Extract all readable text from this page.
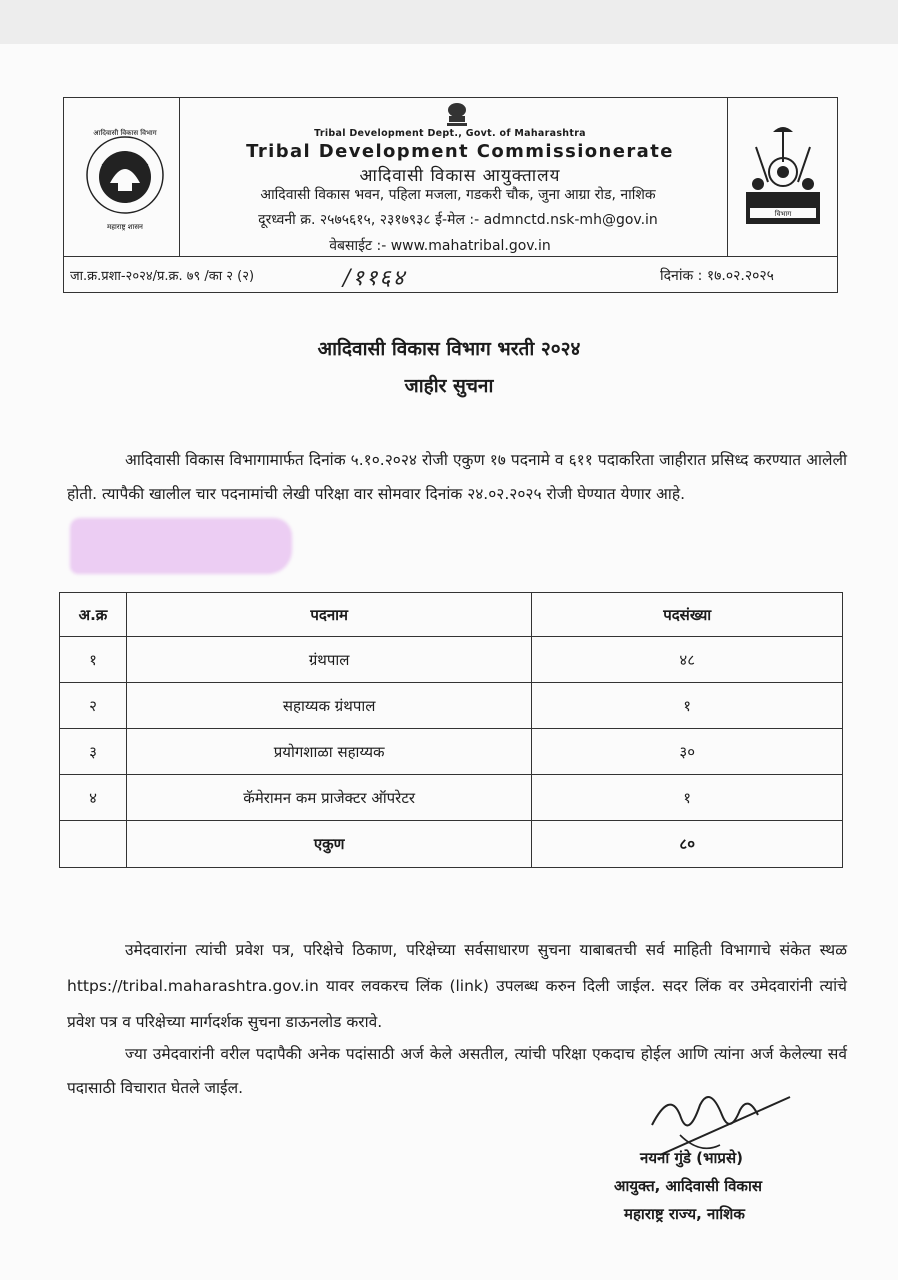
आदिवासी विकास विभाग
महाराष्ट्र शासन
विभाग
Tribal Development Dept., Govt. of Maharashtra
Tribal Development Commissionerate
आदिवासी विकास आयुक्तालय
आदिवासी विकास भवन, पहिला मजला, गडकरी चौक, जुना आग्रा रोड, नाशिक
दूरध्वनी क्र. २५७५६१५, २३१७९३८ ई-मेल :- admnctd.nsk-mh@gov.in
वेबसाईट :- www.mahatribal.gov.in
जा.क्र.प्रशा-२०२४/प्र.क्र. ७९ /का २ (२)	/११६४	दिनांक : १७.०२.२०२५
आदिवासी विकास विभाग भरती २०२४
जाहीर सुचना
आदिवासी विकास विभागामार्फत दिनांक ५.१०.२०२४ रोजी एकुण १७ पदनामे व ६११ पदाकरिता जाहीरात प्रसिध्द करण्यात आलेली होती. त्यापैकी खालील चार पदनामांची लेखी परिक्षा वार सोमवार दिनांक २४.०२.२०२५ रोजी घेण्यात येणार आहे.
अ.क्र	पदनाम	पदसंख्या
१	ग्रंथपाल	४८
२	सहाय्यक ग्रंथपाल	१
३	प्रयोगशाळा सहाय्यक	३०
४	कॅमेरामन कम प्राजेक्टर ऑपरेटर	१
	एकुण	८०
उमेदवारांना त्यांची प्रवेश पत्र, परिक्षेचे ठिकाण, परिक्षेच्या सर्वसाधारण सुचना याबाबतची सर्व माहिती विभागाचे संकेत स्थळ https://tribal.maharashtra.gov.in यावर लवकरच लिंक (link) उपलब्ध करुन दिली जाईल. सदर लिंक वर उमेदवारांनी त्यांचे प्रवेश पत्र व परिक्षेच्या मार्गदर्शक सुचना डाऊनलोड करावे.
ज्या उमेदवारांनी वरील पदापैकी अनेक पदांसाठी अर्ज केले असतील, त्यांची परिक्षा एकदाच होईल आणि त्यांना अर्ज केलेल्या सर्व पदासाठी विचारात घेतले जाईल.
नयना गुंडे (भाप्रसे)
आयुक्त, आदिवासी विकास
महाराष्ट्र राज्य, नाशिक
